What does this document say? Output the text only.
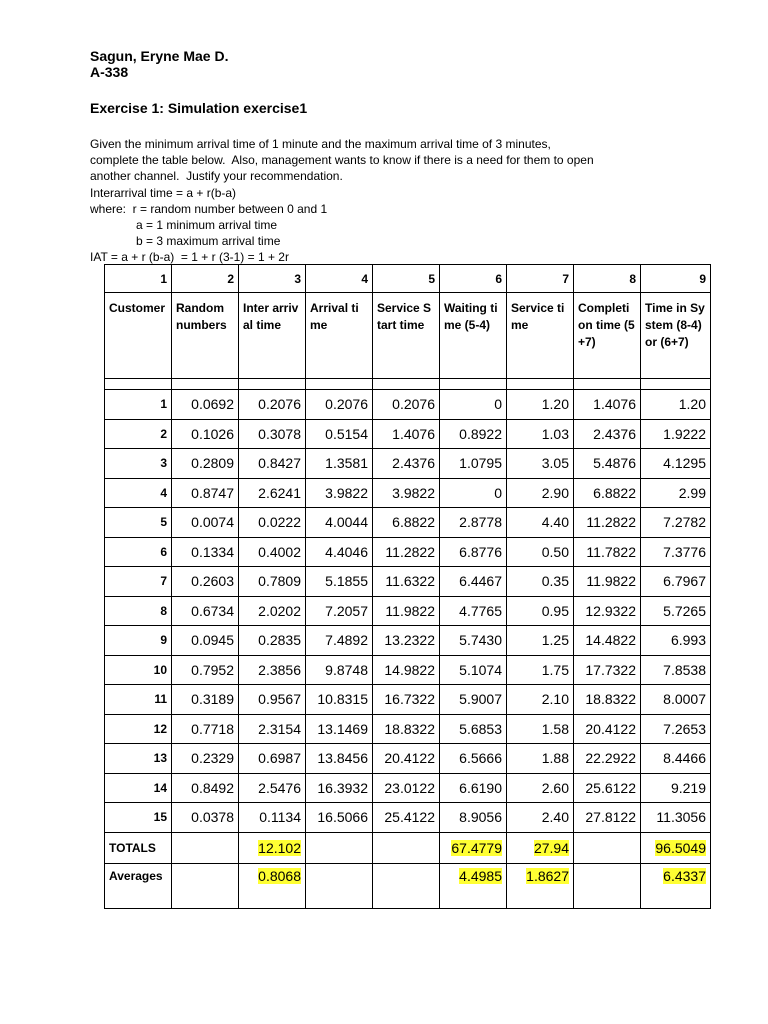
Sagun, Eryne Mae D.
A-338
Exercise 1: Simulation exercise1
Given the minimum arrival time of 1 minute and the maximum arrival time of 3 minutes,
complete the table below.  Also, management wants to know if there is a need for them to open
another channel.  Justify your recommendation.
Interarrival time = a + r(b-a)
where:  r = random number between 0 and 1
a = 1 minimum arrival time
b = 3 maximum arrival time
IAT = a + r (b-a)  = 1 + r (3-1) = 1 + 2r
1	2	3	4	5	6	7	8	9
Customer	Random numbers	Inter arrival time	Arrival time	Service Start time	Waiting time (5-4)	Service time	Completion time (5+7)	Time in System (8-4) or (6+7)

1	0.0692	0.2076	0.2076	0.2076	0	1.20	1.4076	1.20
2	0.1026	0.3078	0.5154	1.4076	0.8922	1.03	2.4376	1.9222
3	0.2809	0.8427	1.3581	2.4376	1.0795	3.05	5.4876	4.1295
4	0.8747	2.6241	3.9822	3.9822	0	2.90	6.8822	2.99
5	0.0074	0.0222	4.0044	6.8822	2.8778	4.40	11.2822	7.2782
6	0.1334	0.4002	4.4046	11.2822	6.8776	0.50	11.7822	7.3776
7	0.2603	0.7809	5.1855	11.6322	6.4467	0.35	11.9822	6.7967
8	0.6734	2.0202	7.2057	11.9822	4.7765	0.95	12.9322	5.7265
9	0.0945	0.2835	7.4892	13.2322	5.7430	1.25	14.4822	6.993
10	0.7952	2.3856	9.8748	14.9822	5.1074	1.75	17.7322	7.8538
11	0.3189	0.9567	10.8315	16.7322	5.9007	2.10	18.8322	8.0007
12	0.7718	2.3154	13.1469	18.8322	5.6853	1.58	20.4122	7.2653
13	0.2329	0.6987	13.8456	20.4122	6.5666	1.88	22.2922	8.4466
14	0.8492	2.5476	16.3932	23.0122	6.6190	2.60	25.6122	9.219
15	0.0378	0.1134	16.5066	25.4122	8.9056	2.40	27.8122	11.3056
TOTALS		12.102			67.4779	27.94		96.5049
Averages		0.8068			4.4985	1.8627		6.4337
